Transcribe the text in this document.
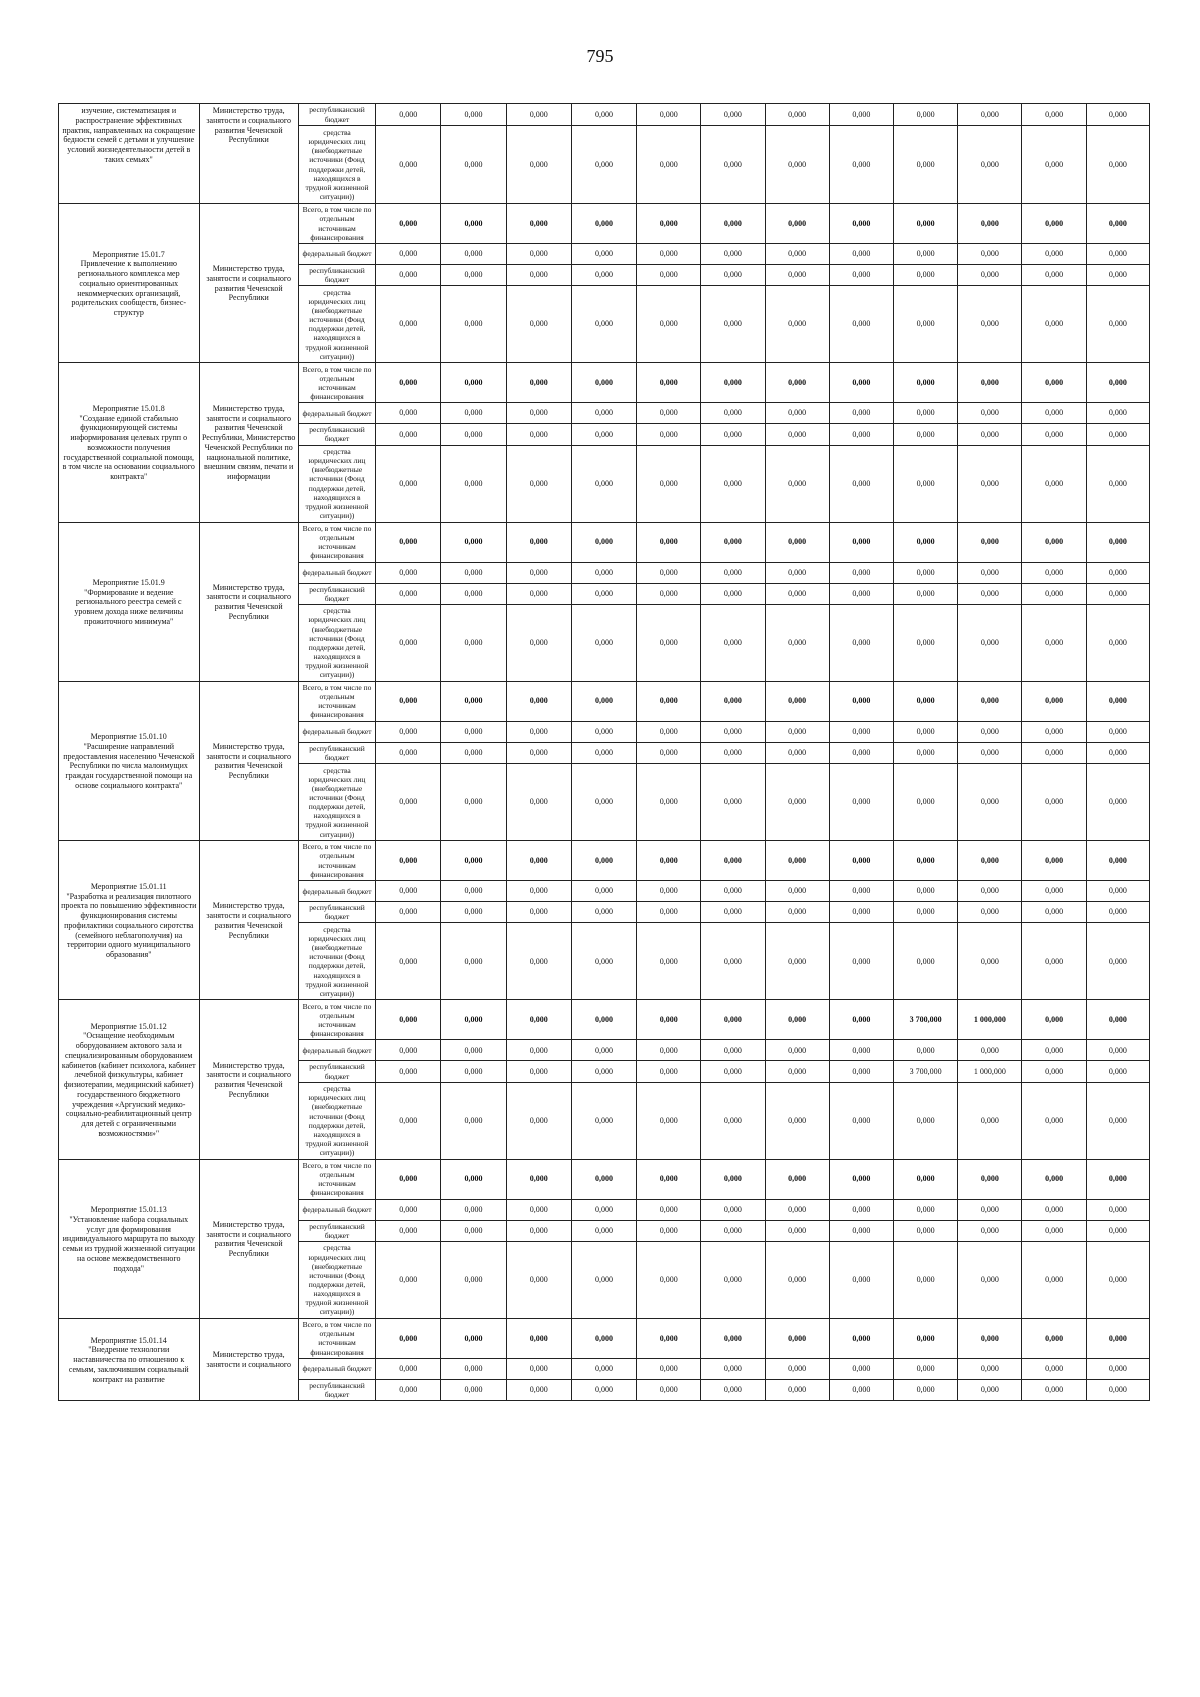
795
изучение, систематизация и распространение эффективных практик, направленных на сокращение бедности семей с детьми и улучшение условий жизнедеятельности детей в таких семьях"	Министерство труда, занятости и социального развития Чеченской Республики	республиканский бюджет	0,000	0,000	0,000	0,000	0,000	0,000	0,000	0,000	0,000	0,000	0,000	0,000
		средства юридических лиц (внебюджетные источники (Фонд поддержки детей, находящихся в трудной жизненной ситуации))	0,000	0,000	0,000	0,000	0,000	0,000	0,000	0,000	0,000	0,000	0,000	0,000

Мероприятие 15.01.7
Привлечение к выполнению регионального комплекса мер социально ориентированных некоммерческих организаций, родительских сообществ, бизнес-структур	Министерство труда, занятости и социального развития Чеченской Республики	Всего, в том числе по отдельным источникам финансирования	0,000	0,000	0,000	0,000	0,000	0,000	0,000	0,000	0,000	0,000	0,000	0,000
		федеральный бюджет	0,000	0,000	0,000	0,000	0,000	0,000	0,000	0,000	0,000	0,000	0,000	0,000
		республиканский бюджет	0,000	0,000	0,000	0,000	0,000	0,000	0,000	0,000	0,000	0,000	0,000	0,000
		средства юридических лиц (внебюджетные источники (Фонд поддержки детей, находящихся в трудной жизненной ситуации))	0,000	0,000	0,000	0,000	0,000	0,000	0,000	0,000	0,000	0,000	0,000	0,000

Мероприятие 15.01.8
"Создание единой стабильно функционирующей системы информирования целевых групп о возможности получения государственной социальной помощи, в том числе на основании социального контракта"	Министерство труда, занятости и социального развития Чеченской Республики, Министерство Чеченской Республики по национальной политике, внешним связям, печати и информации	Всего, в том числе по отдельным источникам финансирования	0,000	0,000	0,000	0,000	0,000	0,000	0,000	0,000	0,000	0,000	0,000	0,000
		федеральный бюджет	0,000	0,000	0,000	0,000	0,000	0,000	0,000	0,000	0,000	0,000	0,000	0,000
		республиканский бюджет	0,000	0,000	0,000	0,000	0,000	0,000	0,000	0,000	0,000	0,000	0,000	0,000
		средства юридических лиц (внебюджетные источники (Фонд поддержки детей, находящихся в трудной жизненной ситуации))	0,000	0,000	0,000	0,000	0,000	0,000	0,000	0,000	0,000	0,000	0,000	0,000

Мероприятие 15.01.9
"Формирование и ведение регионального реестра семей с уровнем дохода ниже величины прожиточного минимума"	Министерство труда, занятости и социального развития Чеченской Республики	Всего, в том числе по отдельным источникам финансирования	0,000	0,000	0,000	0,000	0,000	0,000	0,000	0,000	0,000	0,000	0,000	0,000
		федеральный бюджет	0,000	0,000	0,000	0,000	0,000	0,000	0,000	0,000	0,000	0,000	0,000	0,000
		республиканский бюджет	0,000	0,000	0,000	0,000	0,000	0,000	0,000	0,000	0,000	0,000	0,000	0,000
		средства юридических лиц (внебюджетные источники (Фонд поддержки детей, находящихся в трудной жизненной ситуации))	0,000	0,000	0,000	0,000	0,000	0,000	0,000	0,000	0,000	0,000	0,000	0,000

Мероприятие 15.01.10
"Расширение направлений предоставления населению Чеченской Республики по числа малоимущих граждан государственной помощи на основе социального контракта"	Министерство труда, занятости и социального развития Чеченской Республики	Всего, в том числе по отдельным источникам финансирования	0,000	0,000	0,000	0,000	0,000	0,000	0,000	0,000	0,000	0,000	0,000	0,000
		федеральный бюджет	0,000	0,000	0,000	0,000	0,000	0,000	0,000	0,000	0,000	0,000	0,000	0,000
		республиканский бюджет	0,000	0,000	0,000	0,000	0,000	0,000	0,000	0,000	0,000	0,000	0,000	0,000
		средства юридических лиц (внебюджетные источники (Фонд поддержки детей, находящихся в трудной жизненной ситуации))	0,000	0,000	0,000	0,000	0,000	0,000	0,000	0,000	0,000	0,000	0,000	0,000

Мероприятие 15.01.11
"Разработка и реализация пилотного проекта по повышению эффективности функционирования системы профилактики социального сиротства (семейного неблагополучия) на территории одного муниципального образования"	Министерство труда, занятости и социального развития Чеченской Республики	Всего, в том числе по отдельным источникам финансирования	0,000	0,000	0,000	0,000	0,000	0,000	0,000	0,000	0,000	0,000	0,000	0,000
		федеральный бюджет	0,000	0,000	0,000	0,000	0,000	0,000	0,000	0,000	0,000	0,000	0,000	0,000
		республиканский бюджет	0,000	0,000	0,000	0,000	0,000	0,000	0,000	0,000	0,000	0,000	0,000	0,000
		средства юридических лиц (внебюджетные источники (Фонд поддержки детей, находящихся в трудной жизненной ситуации))	0,000	0,000	0,000	0,000	0,000	0,000	0,000	0,000	0,000	0,000	0,000	0,000

Мероприятие 15.01.12
"Оснащение необходимым оборудованием актового зала и специализированным оборудованием кабинетов (кабинет психолога, кабинет лечебной физкультуры, кабинет физиотерапии, медицинский кабинет) государственного бюджетного учреждения «Аргунский медико-социально-реабилитационный центр для детей с ограниченными возможностями»"	Министерство труда, занятости и социального развития Чеченской Республики	Всего, в том числе по отдельным источникам финансирования	0,000	0,000	0,000	0,000	0,000	0,000	0,000	0,000	3 700,000	1 000,000	0,000	0,000
		федеральный бюджет	0,000	0,000	0,000	0,000	0,000	0,000	0,000	0,000	0,000	0,000	0,000	0,000
		республиканский бюджет	0,000	0,000	0,000	0,000	0,000	0,000	0,000	0,000	3 700,000	1 000,000	0,000	0,000
		средства юридических лиц (внебюджетные источники (Фонд поддержки детей, находящихся в трудной жизненной ситуации))	0,000	0,000	0,000	0,000	0,000	0,000	0,000	0,000	0,000	0,000	0,000	0,000

Мероприятие 15.01.13
"Установление набора социальных услуг для формирования индивидуального маршрута по выходу семьи из трудной жизненной ситуации на основе межведомственного подхода"	Министерство труда, занятости и социального развития Чеченской Республики	Всего, в том числе по отдельным источникам финансирования	0,000	0,000	0,000	0,000	0,000	0,000	0,000	0,000	0,000	0,000	0,000	0,000
		федеральный бюджет	0,000	0,000	0,000	0,000	0,000	0,000	0,000	0,000	0,000	0,000	0,000	0,000
		республиканский бюджет	0,000	0,000	0,000	0,000	0,000	0,000	0,000	0,000	0,000	0,000	0,000	0,000
		средства юридических лиц (внебюджетные источники (Фонд поддержки детей, находящихся в трудной жизненной ситуации))	0,000	0,000	0,000	0,000	0,000	0,000	0,000	0,000	0,000	0,000	0,000	0,000

Мероприятие 15.01.14
"Внедрение технологии наставничества по отношению к семьям, заключившим социальный контракт на развитие	Министерство труда, занятости и социального	Всего, в том числе по отдельным источникам финансирования	0,000	0,000	0,000	0,000	0,000	0,000	0,000	0,000	0,000	0,000	0,000	0,000
		федеральный бюджет	0,000	0,000	0,000	0,000	0,000	0,000	0,000	0,000	0,000	0,000	0,000	0,000
		республиканский бюджет	0,000	0,000	0,000	0,000	0,000	0,000	0,000	0,000	0,000	0,000	0,000	0,000
